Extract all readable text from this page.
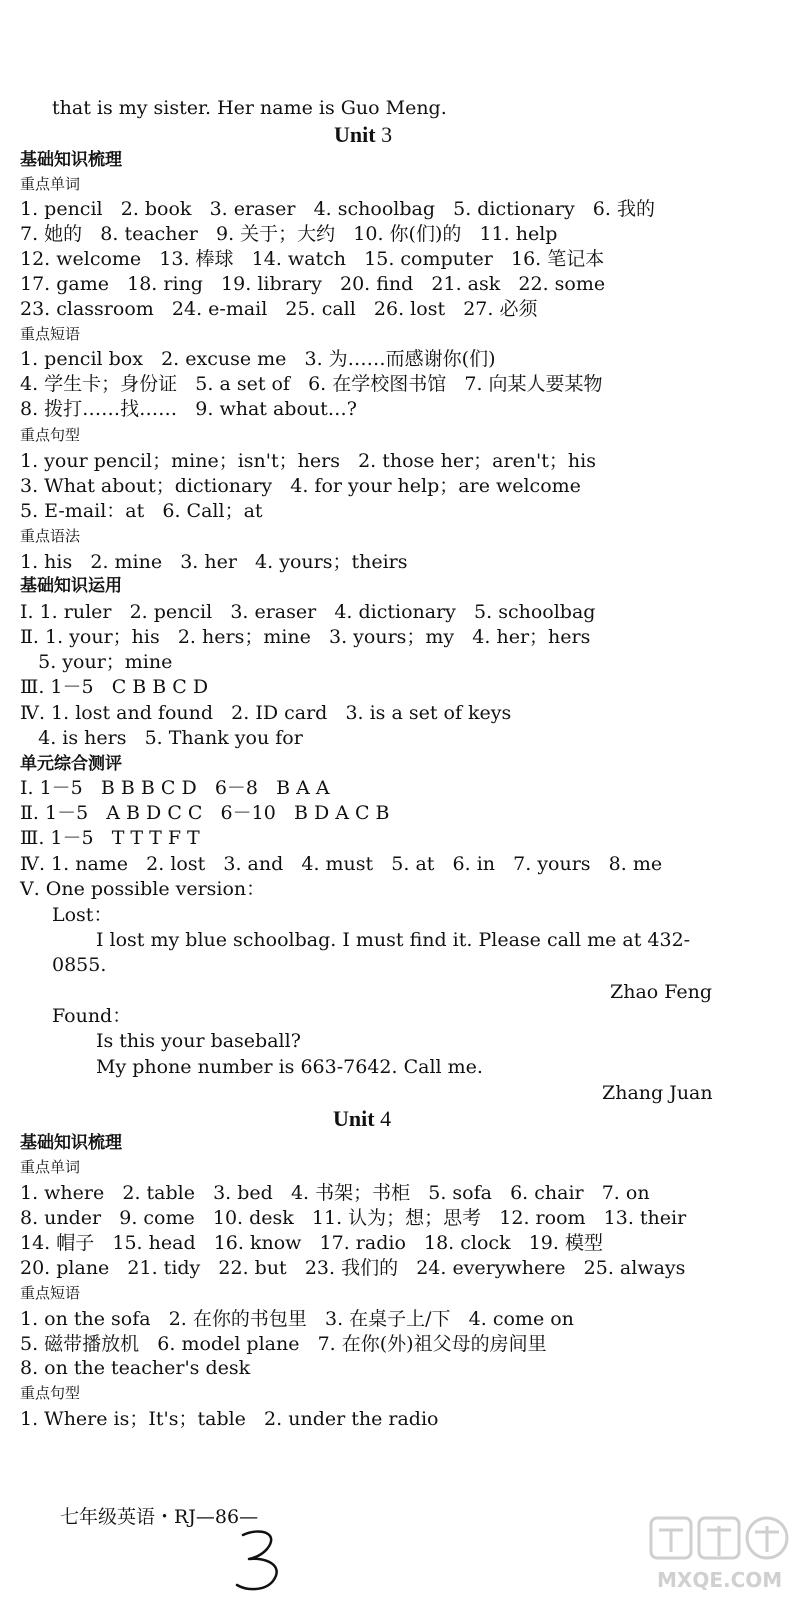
that is my sister. Her name is Guo Meng.
Unit 3
基础知识梳理
重点单词
1. pencil   2. book   3. eraser   4. schoolbag   5. dictionary   6. 我的
7. 她的   8. teacher   9. 关于；大约   10. 你(们)的   11. help
12. welcome   13. 棒球   14. watch   15. computer   16. 笔记本
17. game   18. ring   19. library   20. find   21. ask   22. some
23. classroom   24. e-mail   25. call   26. lost   27. 必须
重点短语
1. pencil box   2. excuse me   3. 为……而感谢你(们)
4. 学生卡；身份证   5. a set of   6. 在学校图书馆   7. 向某人要某物
8. 拨打……找……   9. what about…?
重点句型
1. your pencil；mine；isn't；hers   2. those her；aren't；his
3. What about；dictionary   4. for your help；are welcome
5. E-mail：at   6. Call；at
重点语法
1. his   2. mine   3. her   4. yours；theirs
基础知识运用
Ⅰ. 1. ruler   2. pencil   3. eraser   4. dictionary   5. schoolbag
Ⅱ. 1. your；his   2. hers；mine   3. yours；my   4. her；hers
5. your；mine
Ⅲ. 1－5   C B B C D
Ⅳ. 1. lost and found   2. ID card   3. is a set of keys
4. is hers   5. Thank you for
单元综合测评
Ⅰ. 1－5   B B B C D   6－8   B A A
Ⅱ. 1－5   A B D C C   6－10   B D A C B
Ⅲ. 1－5   T T T F T
Ⅳ. 1. name   2. lost   3. and   4. must   5. at   6. in   7. yours   8. me
Ⅴ. One possible version：
Lost：
I lost my blue schoolbag. I must find it. Please call me at 432-
0855.
Zhao Feng
Found：
Is this your baseball?
My phone number is 663-7642. Call me.
Zhang Juan
Unit 4
基础知识梳理
重点单词
1. where   2. table   3. bed   4. 书架；书柜   5. sofa   6. chair   7. on
8. under   9. come   10. desk   11. 认为；想；思考   12. room   13. their
14. 帽子   15. head   16. know   17. radio   18. clock   19. 模型
20. plane   21. tidy   22. but   23. 我们的   24. everywhere   25. always
重点短语
1. on the sofa   2. 在你的书包里   3. 在桌子上/下   4. come on
5. 磁带播放机   6. model plane   7. 在你(外)祖父母的房间里
8. on the teacher's desk
重点句型
1. Where is；It's；table   2. under the radio
七年级英语・RJ—86—
MXQE.COM
